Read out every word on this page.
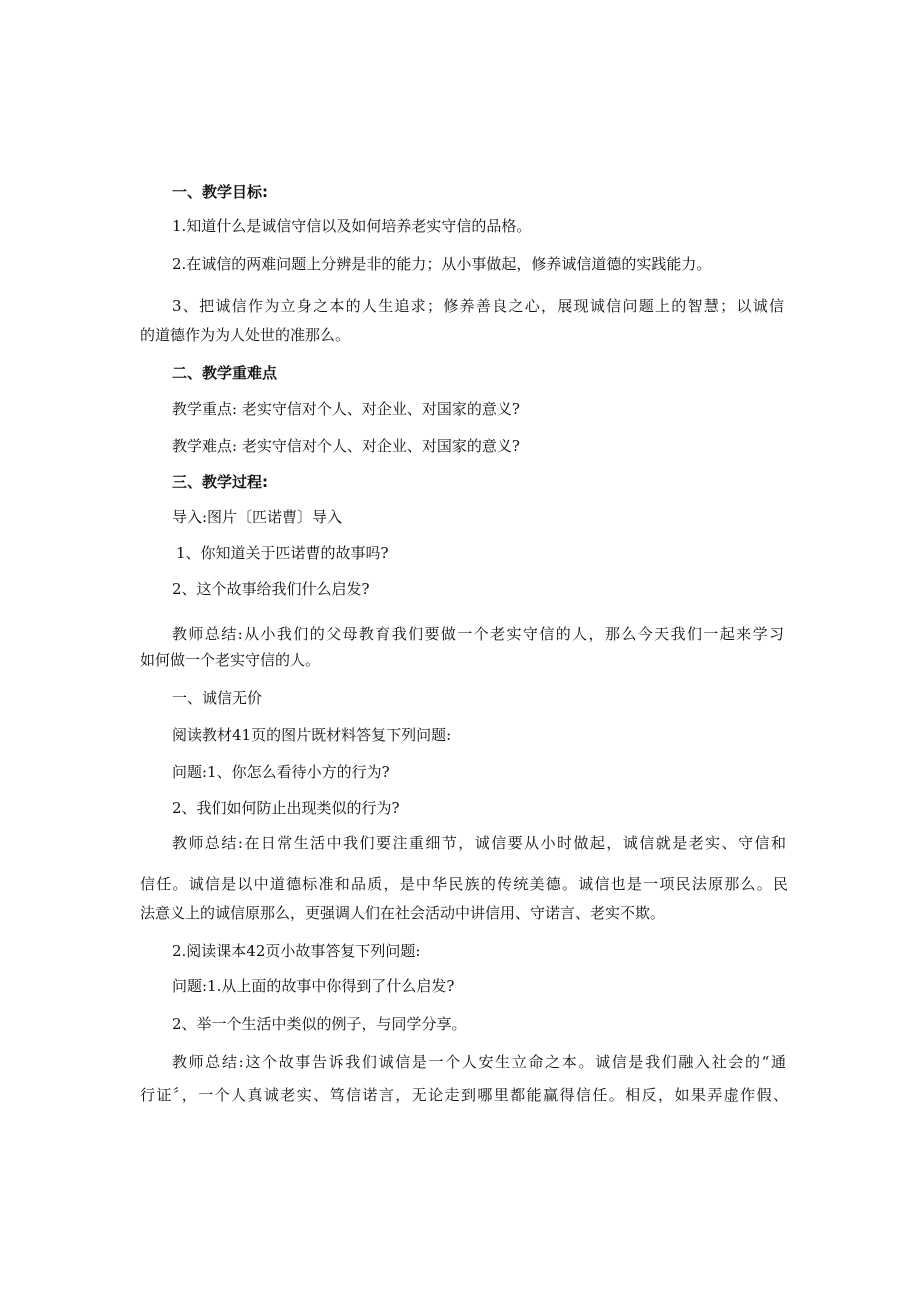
一、教学目标:
1.知道什么是诚信守信以及如何培养老实守信的品格。
2.在诚信的两难问题上分辨是非的能力；从小事做起，修养诚信道德的实践能力。
3、把诚信作为立身之本的人生追求；修养善良之心，展现诚信问题上的智慧；以诚信
的道德作为为人处世的准那么。
二、教学重难点
教学重点: 老实守信对个人、对企业、对国家的意义?
教学难点: 老实守信对个人、对企业、对国家的意义?
三、教学过程:
导入:图片〔匹诺曹〕导入
1、你知道关于匹诺曹的故事吗?
2、这个故事给我们什么启发?
教师总结:从小我们的父母教育我们要做一个老实守信的人，那么今天我们一起来学习
如何做一个老实守信的人。
一、诚信无价
阅读教材41页的图片既材料答复下列问题:
问题:1、你怎么看待小方的行为?
2、我们如何防止出现类似的行为?
教师总结:在日常生活中我们要注重细节，诚信要从小时做起，诚信就是老实、守信和
信任。诚信是以中道德标准和品质，是中华民族的传统美德。诚信也是一项民法原那么。民
法意义上的诚信原那么，更强调人们在社会活动中讲信用、守诺言、老实不欺。
2.阅读课本42页小故事答复下列问题:
问题:1.从上面的故事中你得到了什么启发?
2、举一个生活中类似的例子，与同学分享。
教师总结:这个故事告诉我们诚信是一个人安生立命之本。诚信是我们融入社会的“通
行证〞，一个人真诚老实、笃信诺言，无论走到哪里都能赢得信任。相反，如果弄虚作假、
